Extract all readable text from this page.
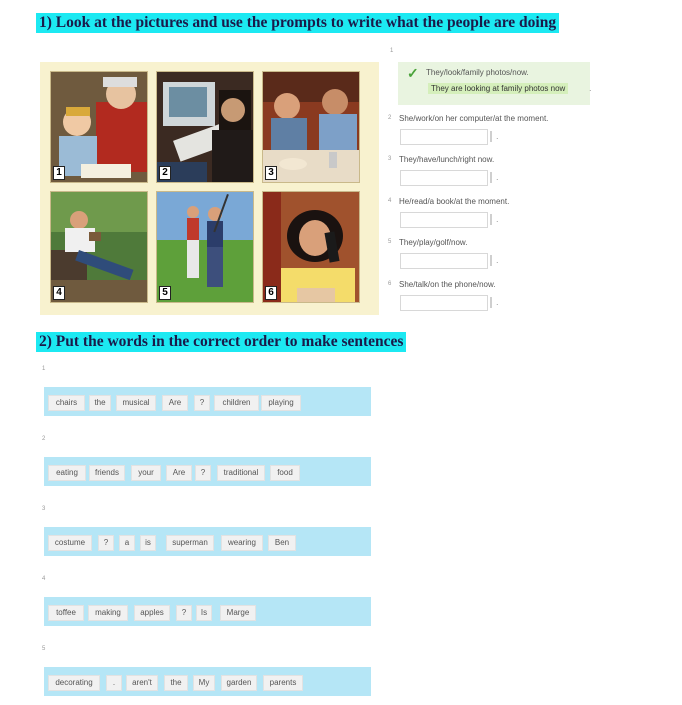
1) Look at the pictures and use the prompts to write what the people are doing
1	2	3
4	5	6
1
✓ They/look/family photos/now.
They are looking at family photos now	.
2 She/work/on her computer/at the moment.
.
3 They/have/lunch/right now.
.
4 He/read/a book/at the moment.
.
5 They/play/golf/now.
.
6 She/talk/on the phone/now.
.
2) Put the words in the correct order to make sentences
1
chairs	the	musical	Are	?	children	playing
2
eating	friends	your	Are	?	traditional	food
3
costume	?	a	is	superman	wearing	Ben
4
toffee	making	apples	?	Is	Marge
5
decorating	.	aren't	the	My	garden	parents
